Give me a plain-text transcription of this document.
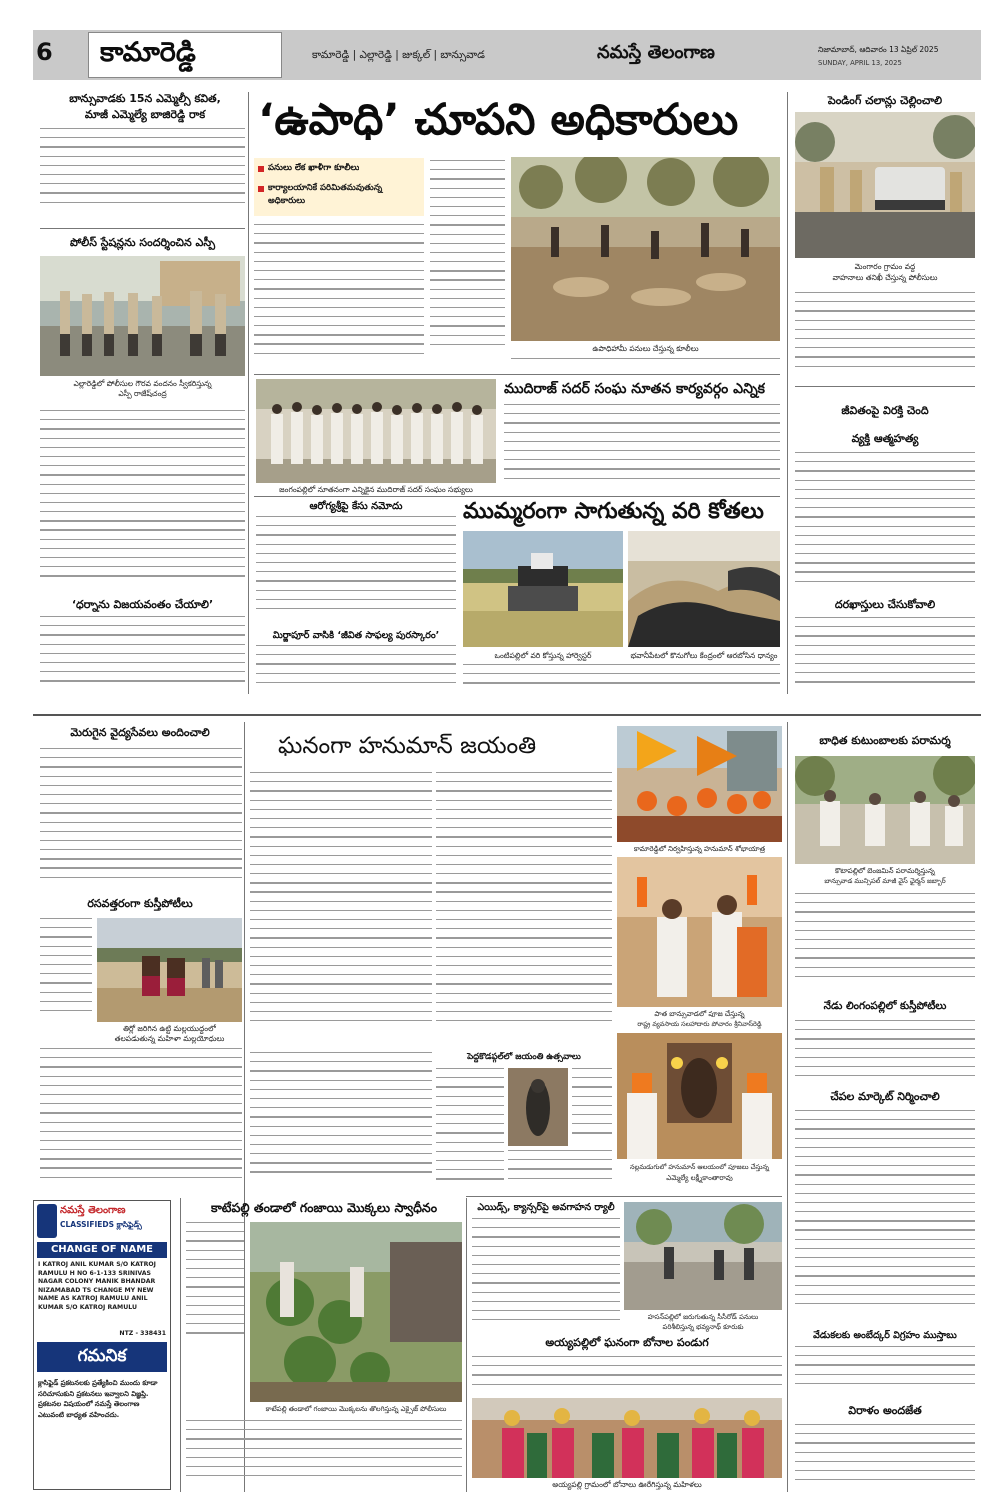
6 కామారెడ్డి	కామారెడ్డి | ఎల్లారెడ్డి | జుక్కల్ | బాన్సువాడ	నమస్తే తెలంగాణ	నిజామాబాద్, ఆదివారం 13 ఏప్రిల్ 2025
SUNDAY, APRIL 13, 2025
బాన్సువాడకు 15న ఎమ్మెల్సీ కవిత,
మాజీ ఎమ్మెల్యే బాజిరెడ్డి రాక
పోలీస్ స్టేషన్లను సందర్శించిన ఎస్పీ
ఎల్లారెడ్డిలో పోలీసుల గౌరవ వందనం స్వీకరిస్తున్న
ఎస్పీ రాజేష్‌చంద్ర
‘ధర్నాను విజయవంతం చేయాలి’
‘ఉపాధి’ చూపని అధికారులు
పనులు లేక ఖాళీగా కూలీలు
కార్యాలయానికే పరిమితమవుతున్న అధికారులు
ఉపాధిహామీ పనులు చేస్తున్న కూలీలు
పెండింగ్ చలాన్లు చెల్లించాలి
మెంగారం గ్రామం వద్ద
వాహనాలు తనిఖీ చేస్తున్న పోలీసులు
జీవితంపై విరక్తి చెంది
వ్యక్తి ఆత్మహత్య
దరఖాస్తులు చేసుకోవాలి
జంగంపల్లిలో నూతనంగా ఎన్నికైన ముదిరాజ్ సదర్ సంఘం సభ్యులు
ముదిరాజ్ సదర్ సంఘ నూతన కార్యవర్గం ఎన్నిక
ఆరోగ్యశ్రీపై కేసు నమోదు
మిర్జాపూర్ వాసికి ‘జీవిత సాఫల్య పురస్కారం’
ముమ్మరంగా సాగుతున్న వరి కోతలు
ఒంటిపల్లిలో వరి కోస్తున్న హార్వెస్టర్	భవానీపేటలో కొనుగోలు కేంద్రంలో ఆరబోసిన ధాన్యం
మెరుగైన వైద్యసేవలు అందించాలి
రసవత్తరంగా కుస్తీపోటీలు
తిర్లో జరిగిన ఉట్టి మల్లయుద్ధంలో
తలపడుతున్న మహిళా మల్లయోధులు
నమస్తే తెలంగాణ
CLASSIFIEDS క్లాసిఫైడ్స్
CHANGE OF NAME
I KATROJ ANIL KUMAR S/O KATROJ RAMULU H NO 6-1-133 SRINIVAS NAGAR COLONY MANIK BHANDAR NIZAMABAD TS CHANGE MY NEW NAME AS KATROJ RAMULU ANIL KUMAR S/O KATROJ RAMULU
NTZ - 338431
గమనిక
క్లాసిఫైడ్ ప్రకటనలకు ప్రత్యేకించి ముందు కూడా సరిచూసుకుని ప్రకటనలు ఇవ్వాలని విజ్ఞప్తి. ప్రకటనల విషయంలో నమస్తే తెలంగాణ ఎటువంటి బాధ్యత వహించదు.
కాటేపల్లి తండాలో గంజాయి మొక్కలు స్వాధీనం
కాటేపల్లి తండాలో గంజాయి మొక్కలను తొలగిస్తున్న ఎక్సైజ్ పోలీసులు
ఘనంగా హనుమాన్ జయంతి
పెద్దకొడప్గల్‌లో జయంతి ఉత్సవాలు
కామారెడ్డిలో నిర్వహిస్తున్న హనుమాన్ శోభాయాత్ర
పాత బాన్సువాడలో పూజ చేస్తున్న
రాష్ట్ర వ్యవసాయ సలహాదారు పోచారం శ్రీనివాస్‌రెడ్డి
నల్లమడుగులో హనుమాన్ ఆలయంలో పూజలు చేస్తున్న
ఎమ్మెల్యే లక్ష్మీకాంతారావు
ఎయిడ్స్, క్యాన్సర్‌పై అవగాహన ర్యాలీ
హసన్‌పల్లిలో జరుగుతున్న సీసీరోడ్ పనులు
పరిశీలిస్తున్న భవ్యనాథ్ కూరుకు
అయ్యపల్లిలో ఘనంగా బోనాల పండుగ
అయ్యపల్లి గ్రామంలో బోనాలు ఊరేగిస్తున్న మహిళలు
బాధిత కుటుంబాలకు పరామర్శ
కొటాపల్లిలో బెంజమిన్ పరామర్శిస్తున్న
బాన్సువాడ మున్సిపల్ మాజీ వైస్ ఛైర్మన్ జబ్బార్
నేడు లింగంపల్లిలో కుస్తీపోటీలు
చేపల మార్కెట్ నిర్మించాలి
వేడుకలకు అంబేద్కర్ విగ్రహం ముస్తాబు
విరాళం అందజేత
